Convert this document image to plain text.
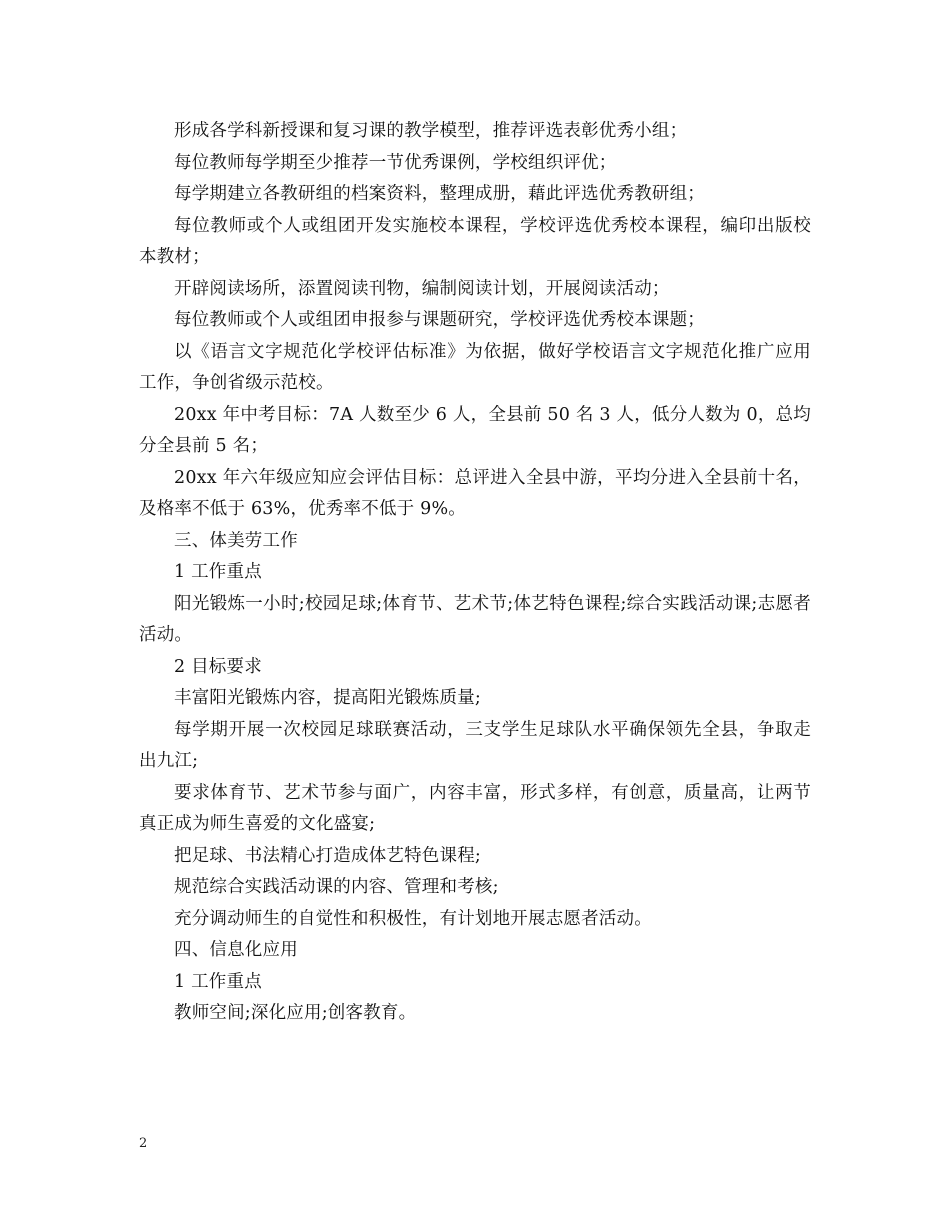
形成各学科新授课和复习课的教学模型，推荐评选表彰优秀小组；

每位教师每学期至少推荐一节优秀课例，学校组织评优；

每学期建立各教研组的档案资料，整理成册，藉此评选优秀教研组；

每位教师或个人或组团开发实施校本课程，学校评选优秀校本课程，编印出版校本教材；

开辟阅读场所，添置阅读刊物，编制阅读计划，开展阅读活动；

每位教师或个人或组团申报参与课题研究，学校评选优秀校本课题；

以《语言文字规范化学校评估标准》为依据，做好学校语言文字规范化推广应用工作，争创省级示范校。

20xx 年中考目标：7A 人数至少 6 人，全县前 50 名 3 人，低分人数为 0，总均分全县前 5 名；

20xx 年六年级应知应会评估目标：总评进入全县中游，平均分进入全县前十名，及格率不低于 63%，优秀率不低于 9%。

三、体美劳工作

1 工作重点

阳光锻炼一小时;校园足球;体育节、艺术节;体艺特色课程;综合实践活动课;志愿者活动。

2 目标要求

丰富阳光锻炼内容，提高阳光锻炼质量;

每学期开展一次校园足球联赛活动，三支学生足球队水平确保领先全县，争取走出九江;

要求体育节、艺术节参与面广，内容丰富，形式多样，有创意，质量高，让两节真正成为师生喜爱的文化盛宴;

把足球、书法精心打造成体艺特色课程;

规范综合实践活动课的内容、管理和考核;

充分调动师生的自觉性和积极性，有计划地开展志愿者活动。

四、信息化应用

1 工作重点

教师空间;深化应用;创客教育。

2
